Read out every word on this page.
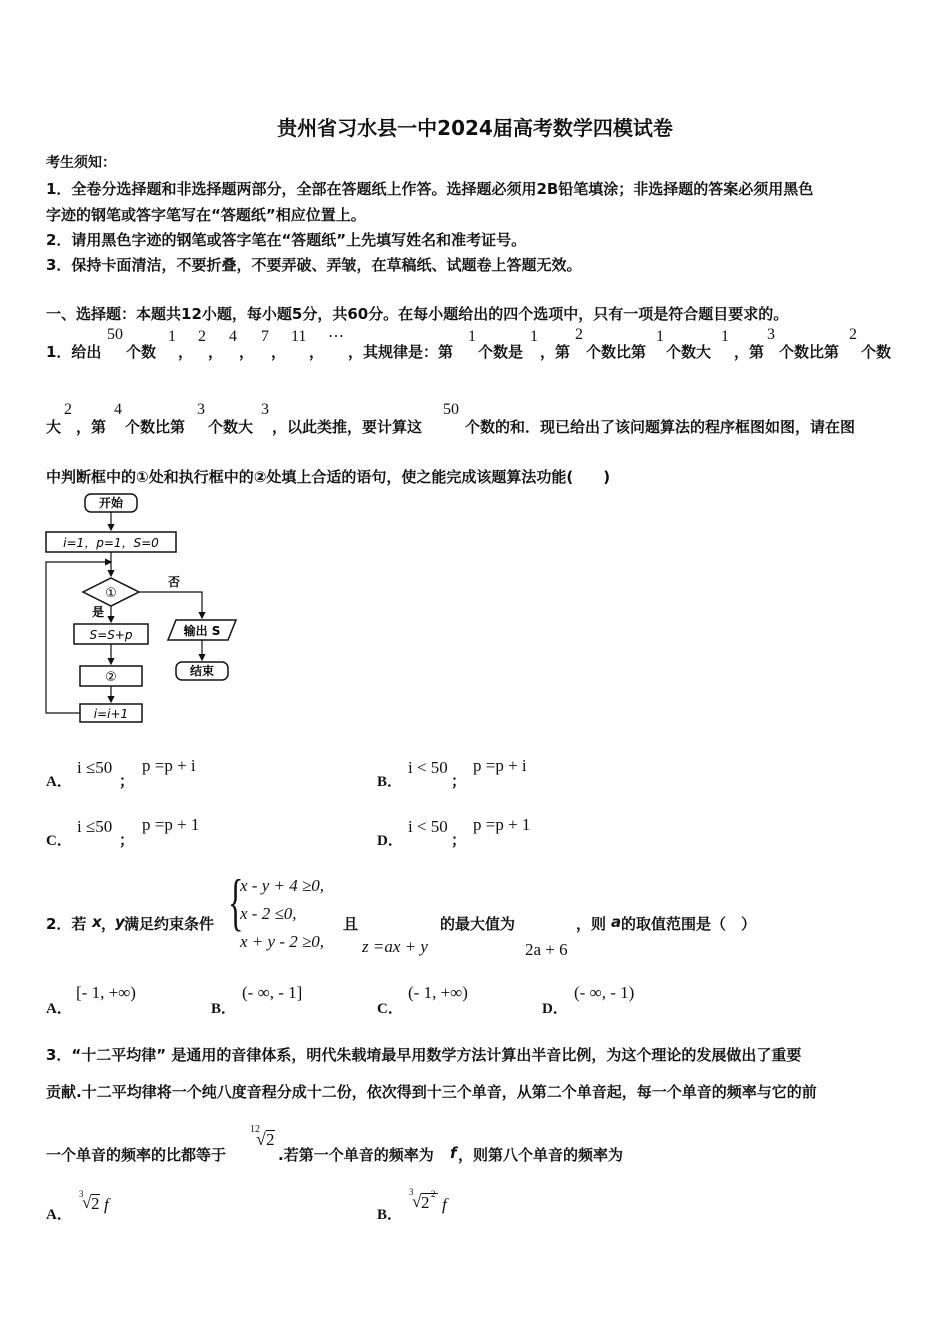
贵州省习水县一中2024届高考数学四模试卷
考生须知：
1．全卷分选择题和非选择题两部分，全部在答题纸上作答。选择题必须用2B铅笔填涂；非选择题的答案必须用黑色
字迹的钢笔或答字笔写在“答题纸”相应位置上。
2．请用黑色字迹的钢笔或答字笔在“答题纸”上先填写姓名和准考证号。
3．保持卡面清洁，不要折叠，不要弄破、弄皱，在草稿纸、试题卷上答题无效。
一、选择题：本题共12小题，每小题5分，共60分。在每小题给出的四个选项中，只有一项是符合题目要求的。
1．给出
50
个数
1
，
2
，
4
，
7
，
11
，
⋯
，其规律是：第
1
个数是
1
，第
2
个数比第
1
个数大
1
，第
3
个数比第
2
个数
大
2
，第
4
个数比第
3
个数大
3
，以此类推，要计算这
50
个数的和．现已给出了该问题算法的程序框图如图，请在图
中判断框中的①处和执行框中的②处填上合适的语句，使之能完成该题算法功能(　　)
开始
i=1，p=1，S=0
①
否
输出 S
结束
是
S=S+p
②
i=i+1
A．
i ≤50
；
p =p + i
B．
i < 50
；
p =p + i
C．
i ≤50
；
p =p + 1
D．
i < 50
；
p =p + 1
2．若 x ，
y 满足约束条件 {
x - y + 4 ≥0,
x - 2 ≤0,
x + y - 2 ≥0,
且
z =ax + y
的最大值为
2a + 6
，则 a 的取值范围是（　）
A．
[- 1, +∞)
B．
(- ∞, - 1]
C．
(- 1, +∞)
D．
(- ∞, - 1)
3．“十二平均律” 是通用的音律体系，明代朱载堉最早用数学方法计算出半音比例，为这个理论的发展做出了重要
贡献.十二平均律将一个纯八度音程分成十二份，依次得到十三个单音，从第二个单音起，每一个单音的频率与它的前
一个单音的频率的比都等于
12
√ 2
.若第一个单音的频率为 f ，则第八个单音的频率为
A．
3
√ 2 f
B．
3
√ 2 2
f
